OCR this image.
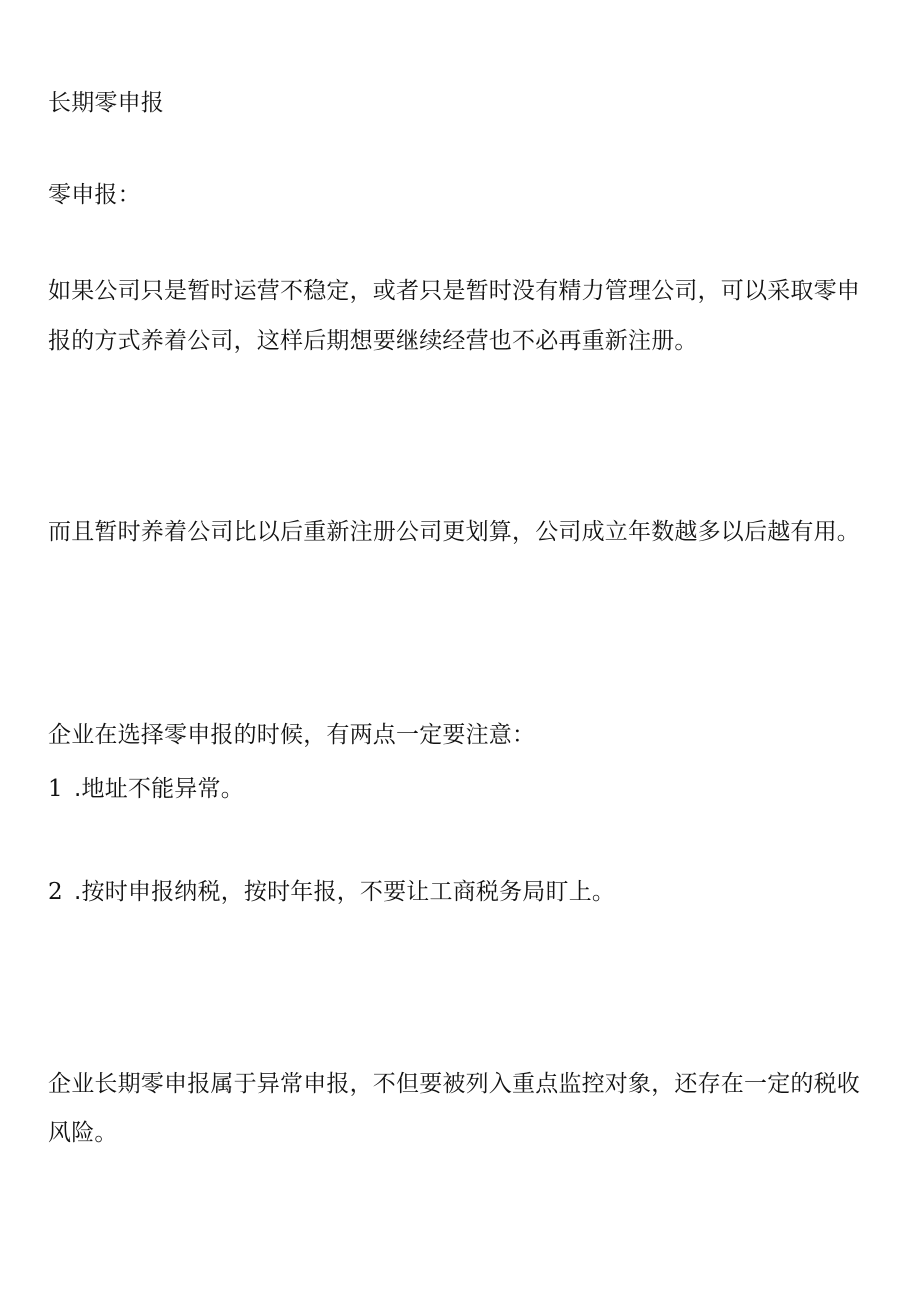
长期零申报
零申报：
如果公司只是暂时运营不稳定，或者只是暂时没有精力管理公司，可以采取零申
报的方式养着公司，这样后期想要继续经营也不必再重新注册。
而且暂时养着公司比以后重新注册公司更划算，公司成立年数越多以后越有用。
企业在选择零申报的时候，有两点一定要注意：
1 .地址不能异常。
2 .按时申报纳税，按时年报，不要让工商税务局盯上。
企业长期零申报属于异常申报，不但要被列入重点监控对象，还存在一定的税收
风险。
